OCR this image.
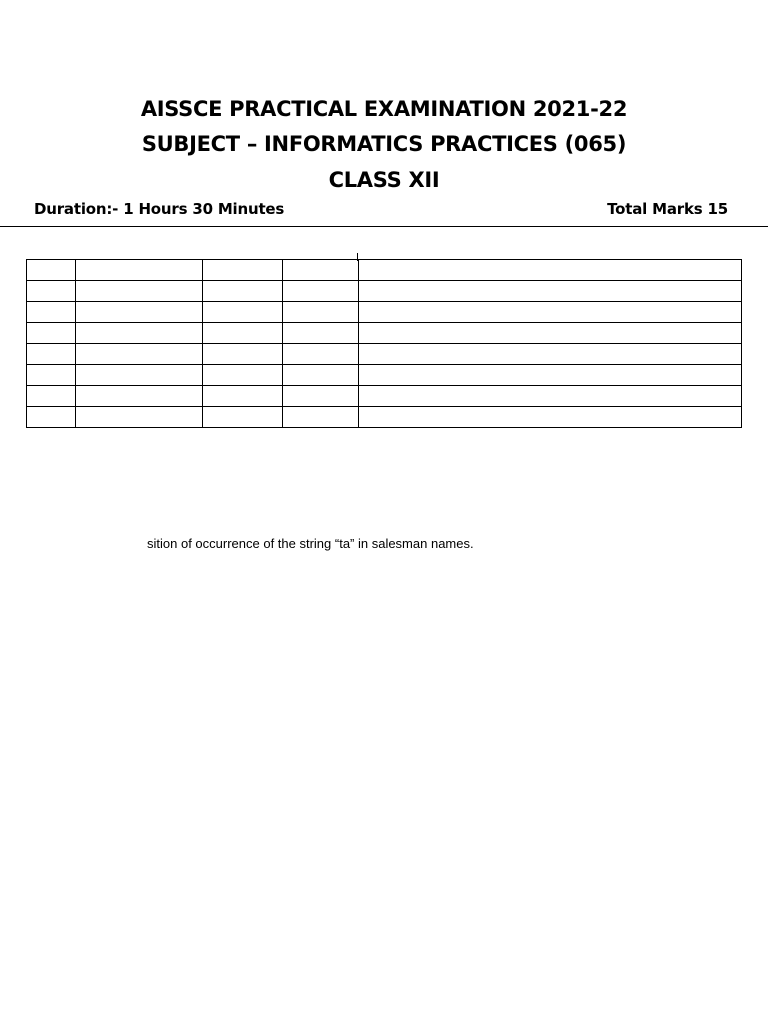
AISSCE PRACTICAL EXAMINATION 2021-22
SUBJECT – INFORMATICS PRACTICES (065)
CLASS XII
Duration:- 1 Hours 30 Minutes	Total Marks 15

sition of occurrence of the string “ta” in salesman names.
